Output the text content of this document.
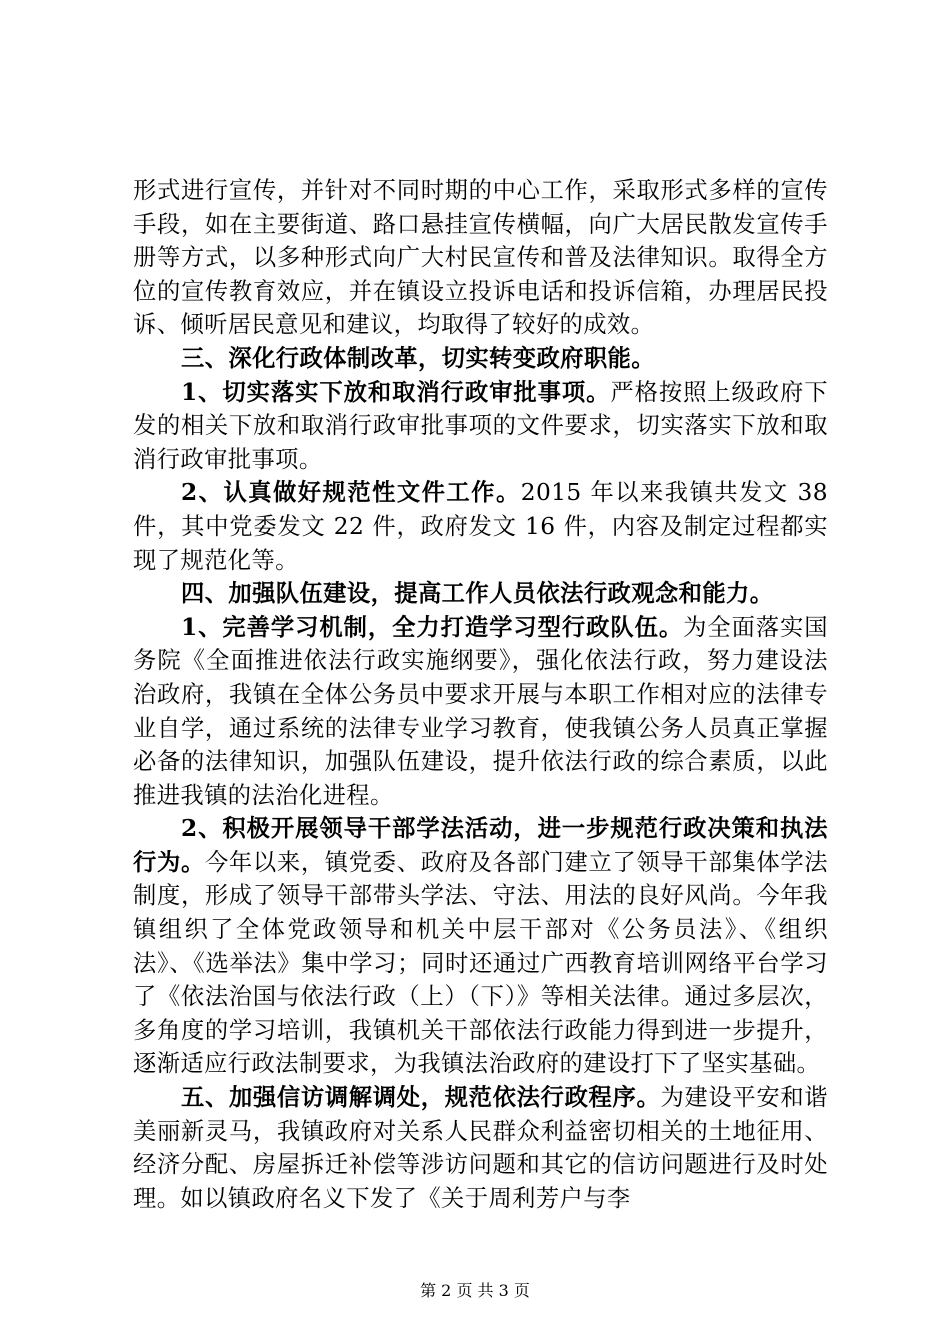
形式进行宣传，并针对不同时期的中心工作，采取形式多样的宣传手段，如在主要街道、路口悬挂宣传横幅，向广大居民散发宣传手册等方式，以多种形式向广大村民宣传和普及法律知识。取得全方位的宣传教育效应，并在镇设立投诉电话和投诉信箱，办理居民投诉、倾听居民意见和建议，均取得了较好的成效。

三、深化行政体制改革，切实转变政府职能。

1、切实落实下放和取消行政审批事项。严格按照上级政府下发的相关下放和取消行政审批事项的文件要求，切实落实下放和取消行政审批事项。

2、认真做好规范性文件工作。2015 年以来我镇共发文 38 件，其中党委发文 22 件，政府发文 16 件，内容及制定过程都实现了规范化等。

四、加强队伍建设，提高工作人员依法行政观念和能力。

1、完善学习机制，全力打造学习型行政队伍。为全面落实国务院《全面推进依法行政实施纲要》，强化依法行政，努力建设法治政府，我镇在全体公务员中要求开展与本职工作相对应的法律专业自学，通过系统的法律专业学习教育，使我镇公务人员真正掌握必备的法律知识，加强队伍建设，提升依法行政的综合素质，以此推进我镇的法治化进程。

2、积极开展领导干部学法活动，进一步规范行政决策和执法行为。今年以来，镇党委、政府及各部门建立了领导干部集体学法制度，形成了领导干部带头学法、守法、用法的良好风尚。今年我镇组织了全体党政领导和机关中层干部对《公务员法》、《组织法》、《选举法》集中学习；同时还通过广西教育培训网络平台学习了《依法治国与依法行政（上）（下）》等相关法律。通过多层次，多角度的学习培训，我镇机关干部依法行政能力得到进一步提升，逐渐适应行政法制要求，为我镇法治政府的建设打下了坚实基础。

五、加强信访调解调处，规范依法行政程序。为建设平安和谐美丽新灵马，我镇政府对关系人民群众利益密切相关的土地征用、经济分配、房屋拆迁补偿等涉访问题和其它的信访问题进行及时处理。如以镇政府名义下发了《关于周利芳户与李

第 2 页 共 3 页
